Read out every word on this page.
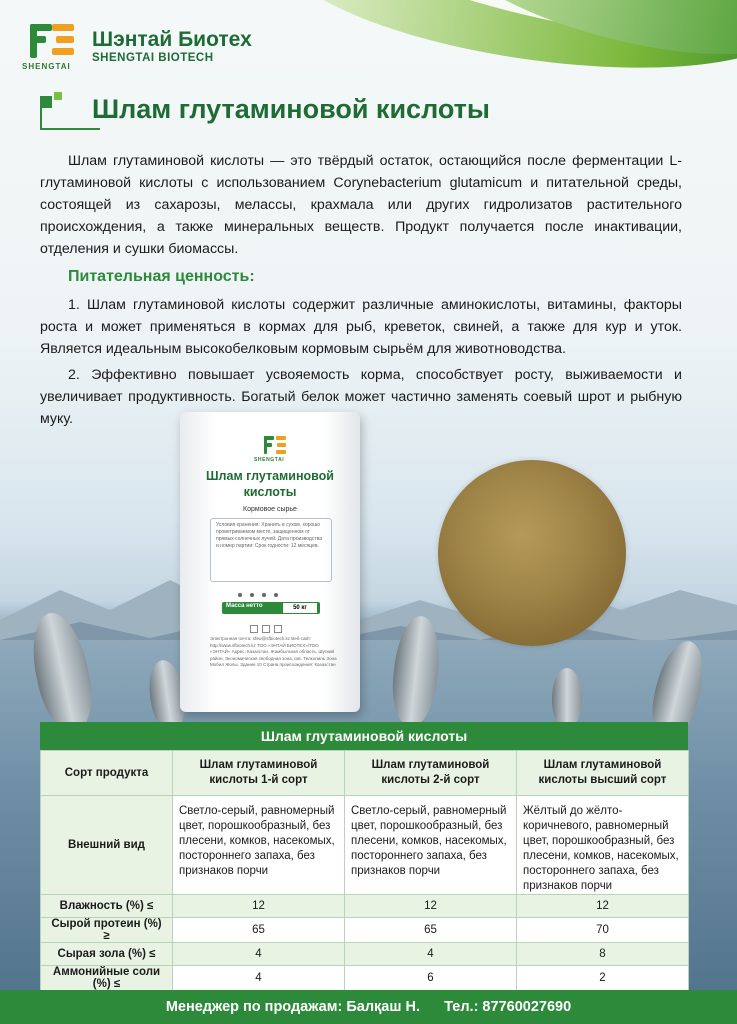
SHENGTAI
Шэнтай Биотех
SHENGTAI BIOTECH
Шлам глутаминовой кислоты
Шлам глутаминовой кислоты — это твёрдый остаток, остающийся после ферментации L-глутаминовой кислоты с использованием Corynebacterium glutamicum и питательной среды, состоящей из сахарозы, мелассы, крахмала или других гидролизатов растительного происхождения, а также минеральных веществ. Продукт получается после инактивации, отделения и сушки биомассы.
Питательная ценность:
1. Шлам глутаминовой кислоты содержит различные аминокислоты, витамины, факторы роста и может применяться в кормах для рыб, креветок, свиней, а также для кур и уток. Является идеальным высокобелковым кормовым сырьём для животноводства.
2. Эффективно повышает усвояемость корма, способствует росту, выживаемости и увеличивает продуктивность. Богатый белок может частично заменять соевый шрот и рыбную муку.
SHENGTAI
Шлам глутаминовой кислоты
Кормовое сырье
Условия хранения: Хранить в сухом, хорошо проветриваемом месте, защищенном от прямых солнечных лучей. Дата производства и номер партии: Срок годности: 12 месяцев.
Масса нетто	50 кг
Электронная почта: sfsw@sfbiotech.kz Веб-сайт: http://www.sfbiotech.kz ТОО «ЭНТАЙ БИОТЕХ»/ТОО «ЭНТАЙ» Адрес: Казахстан, Жамбылская область, Шуский район, Экономическая свободная зона, скв. Телкопиль Зона Мобил Жолы, Здание 10 Страна происхождения: Казахстан
Шлам глутаминовой кислоты
Сорт продукта	Шлам глутаминовой кислоты 1-й сорт	Шлам глутаминовой кислоты 2-й сорт	Шлам глутаминовой кислоты высший сорт
Внешний вид	Светло-серый, равномерный цвет, порошкообразный, без плесени, комков, насекомых, постороннего запаха, без признаков порчи	Светло-серый, равномерный цвет, порошкообразный, без плесени, комков, насекомых, постороннего запаха, без признаков порчи	Жёлтый до жёлто-коричневого, равномерный цвет, порошкообразный, без плесени, комков, насекомых, постороннего запаха, без признаков порчи
Влажность (%) ≤	12	12	12
Сырой протеин (%) ≥	65	65	70
Сырая зола (%) ≤	4	4	8
Аммонийные соли (%) ≤	4	6	2
Менеджер по продажам: Балқаш Н. Тел.: 87760027690
